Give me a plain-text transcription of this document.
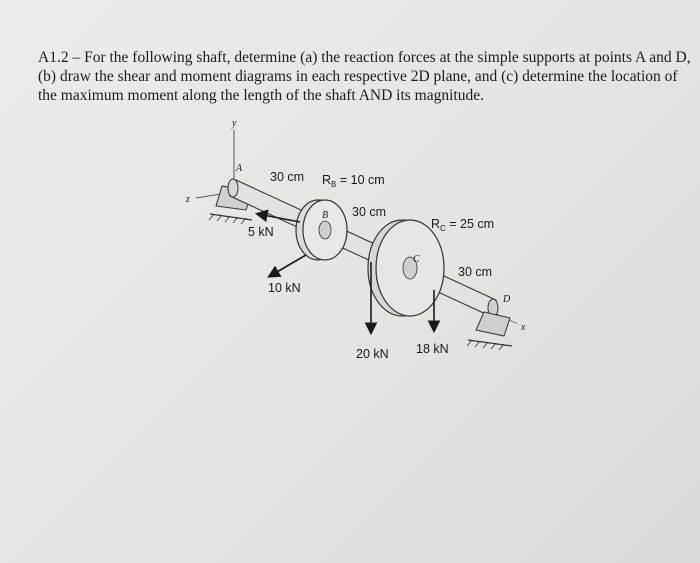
A1.2 – For the following shaft, determine (a) the reaction forces at the simple supports at points A and D,
(b) draw the shear and moment diagrams in each respective 2D plane, and (c) determine the location of
the maximum moment along the length of the shaft AND its magnitude.

y
z
x
A
B
C
D
30 cm $R_B = 10$ cm
30 cm
$R_C = 25$ cm
30 cm
5 kN
10 kN
20 kN 18 kN
